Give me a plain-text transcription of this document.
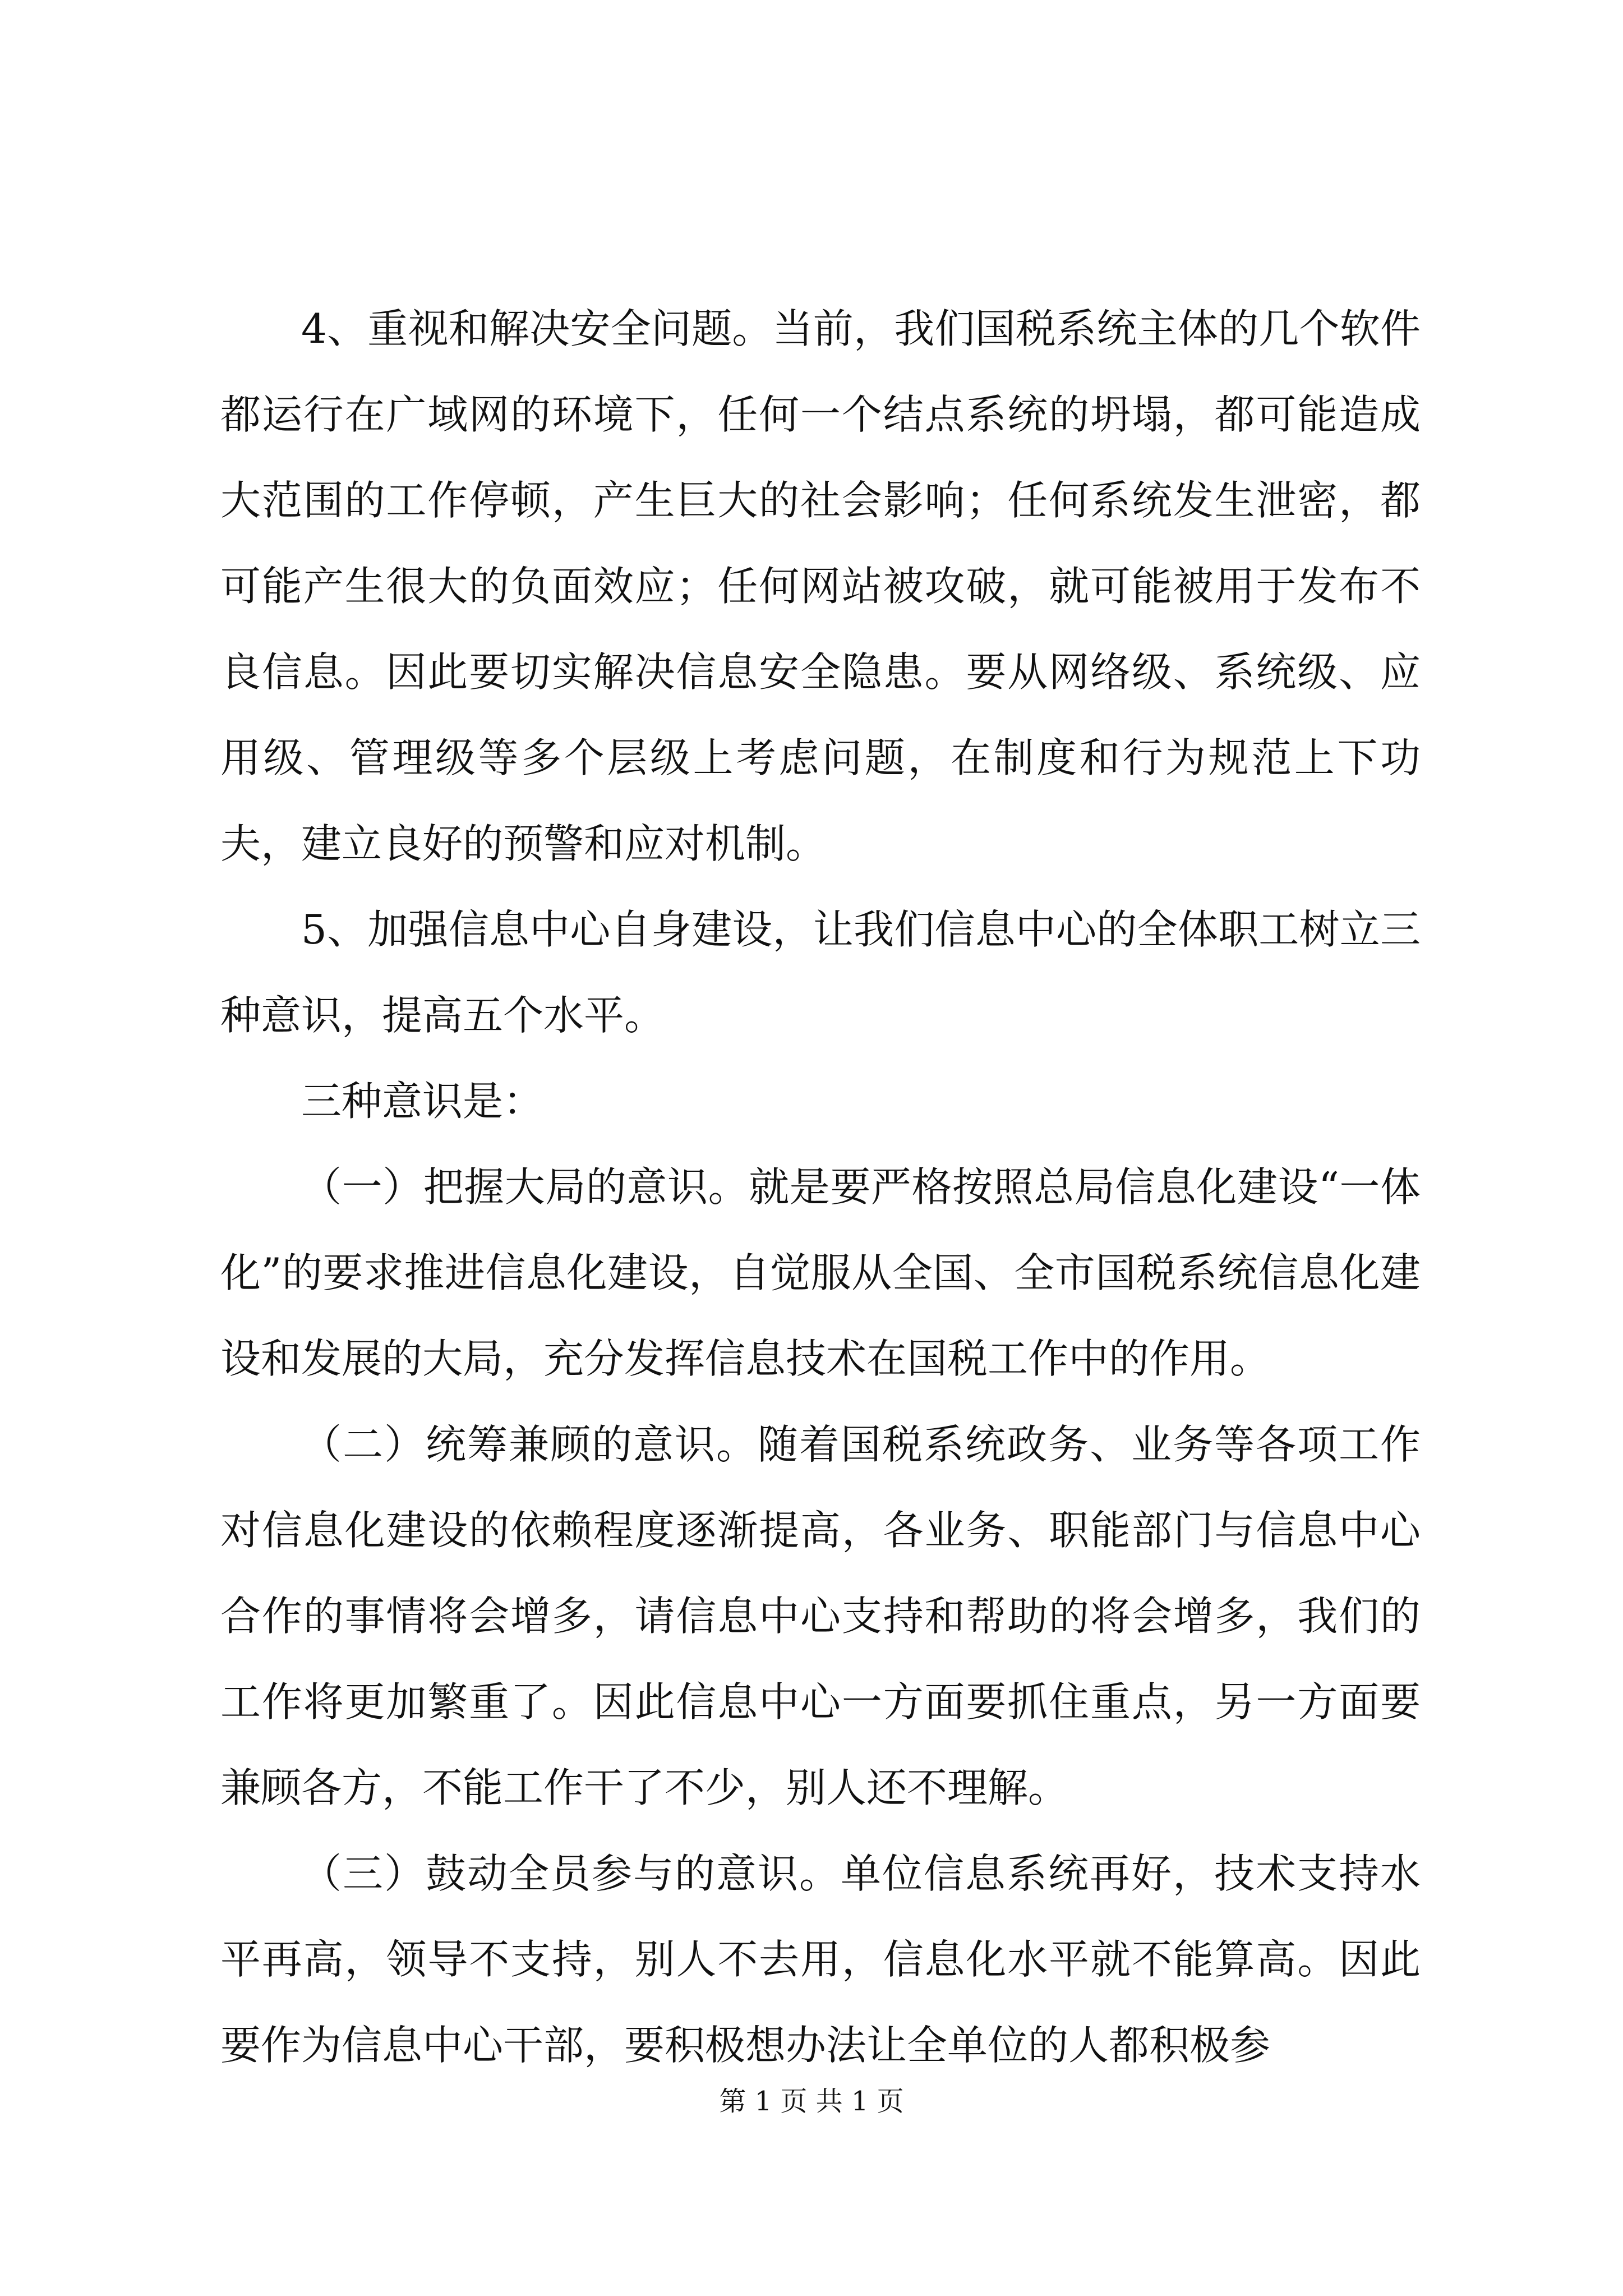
4、重视和解决安全问题。当前，我们国税系统主体的几个软件都运行在广域网的环境下，任何一个结点系统的坍塌，都可能造成大范围的工作停顿，产生巨大的社会影响；任何系统发生泄密，都可能产生很大的负面效应；任何网站被攻破，就可能被用于发布不良信息。因此要切实解决信息安全隐患。要从网络级、系统级、应用级、管理级等多个层级上考虑问题，在制度和行为规范上下功夫，建立良好的预警和应对机制。

5、加强信息中心自身建设，让我们信息中心的全体职工树立三种意识，提高五个水平。

三种意识是：

（一）把握大局的意识。就是要严格按照总局信息化建设“一体化”的要求推进信息化建设，自觉服从全国、全市国税系统信息化建设和发展的大局，充分发挥信息技术在国税工作中的作用。

（二）统筹兼顾的意识。随着国税系统政务、业务等各项工作对信息化建设的依赖程度逐渐提高，各业务、职能部门与信息中心合作的事情将会增多，请信息中心支持和帮助的将会增多，我们的工作将更加繁重了。因此信息中心一方面要抓住重点，另一方面要兼顾各方，不能工作干了不少，别人还不理解。

（三）鼓动全员参与的意识。单位信息系统再好，技术支持水平再高，领导不支持，别人不去用，信息化水平就不能算高。因此要作为信息中心干部，要积极想办法让全单位的人都积极参

第 1 页 共 1 页
